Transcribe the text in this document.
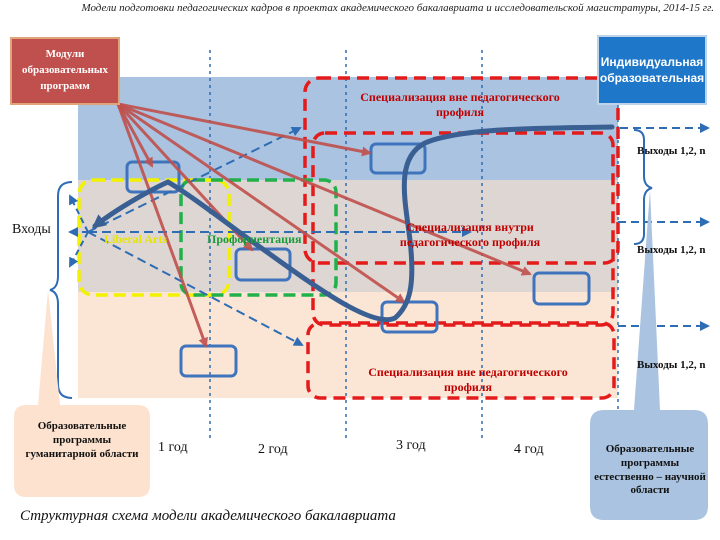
Модели подготовки педагогических кадров в проектах академического бакалавриата и исследовательской магистратуры, 2014-15 гг.
Модули образовательных программ
Индивидуальная образовательная
Специализация вне педагогического профиля
Специализация внутри педагогического профиля
Специализация вне педагогического профиля
Liberal Arts	Профориентация
Входы
Выходы 1,2, n
Выходы 1,2, n
Выходы 1,2, n
1 год	2 год	3 год	4 год
Образовательные программы гуманитарной области	Образовательные программы естественно – научной области
Структурная схема модели академического бакалавриата
